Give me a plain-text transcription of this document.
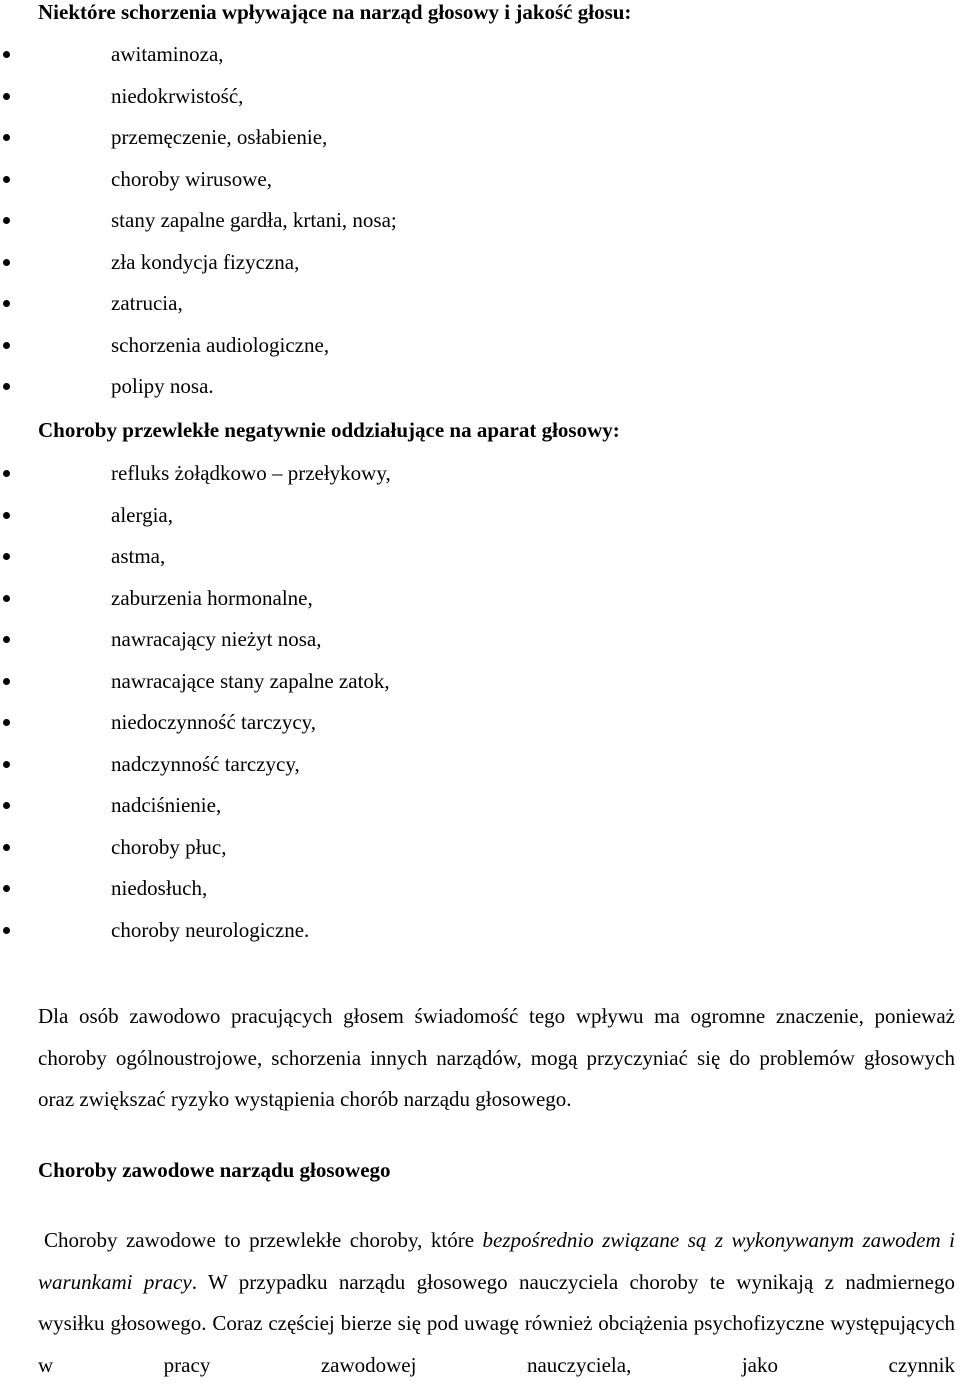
Niektóre schorzenia wpływające na narząd głosowy i jakość głosu:
awitaminoza,
niedokrwistość,
przemęczenie, osłabienie,
choroby wirusowe,
stany zapalne gardła, krtani, nosa;
zła kondycja fizyczna,
zatrucia,
schorzenia audiologiczne,
polipy nosa.
Choroby przewlekłe negatywnie oddziałujące na aparat głosowy:
refluks żołądkowo – przełykowy,
alergia,
astma,
zaburzenia hormonalne,
nawracający nieżyt nosa,
nawracające stany zapalne zatok,
niedoczynność tarczycy,
nadczynność tarczycy,
nadciśnienie,
choroby płuc,
niedosłuch,
choroby neurologiczne.

Dla osób zawodowo pracujących głosem świadomość tego wpływu ma ogromne znaczenie, ponieważ choroby ogólnoustrojowe, schorzenia innych narządów, mogą przyczyniać się do problemów głosowych oraz zwiększać ryzyko wystąpienia chorób narządu głosowego.

Choroby zawodowe narządu głosowego

Choroby zawodowe to przewlekłe choroby, które bezpośrednio związane są z wykonywanym zawodem i warunkami pracy. W przypadku narządu głosowego nauczyciela choroby te wynikają z nadmiernego wysiłku głosowego. Coraz częściej bierze się pod uwagę również obciążenia psychofizyczne występujących w pracy zawodowej nauczyciela, jako czynnik
